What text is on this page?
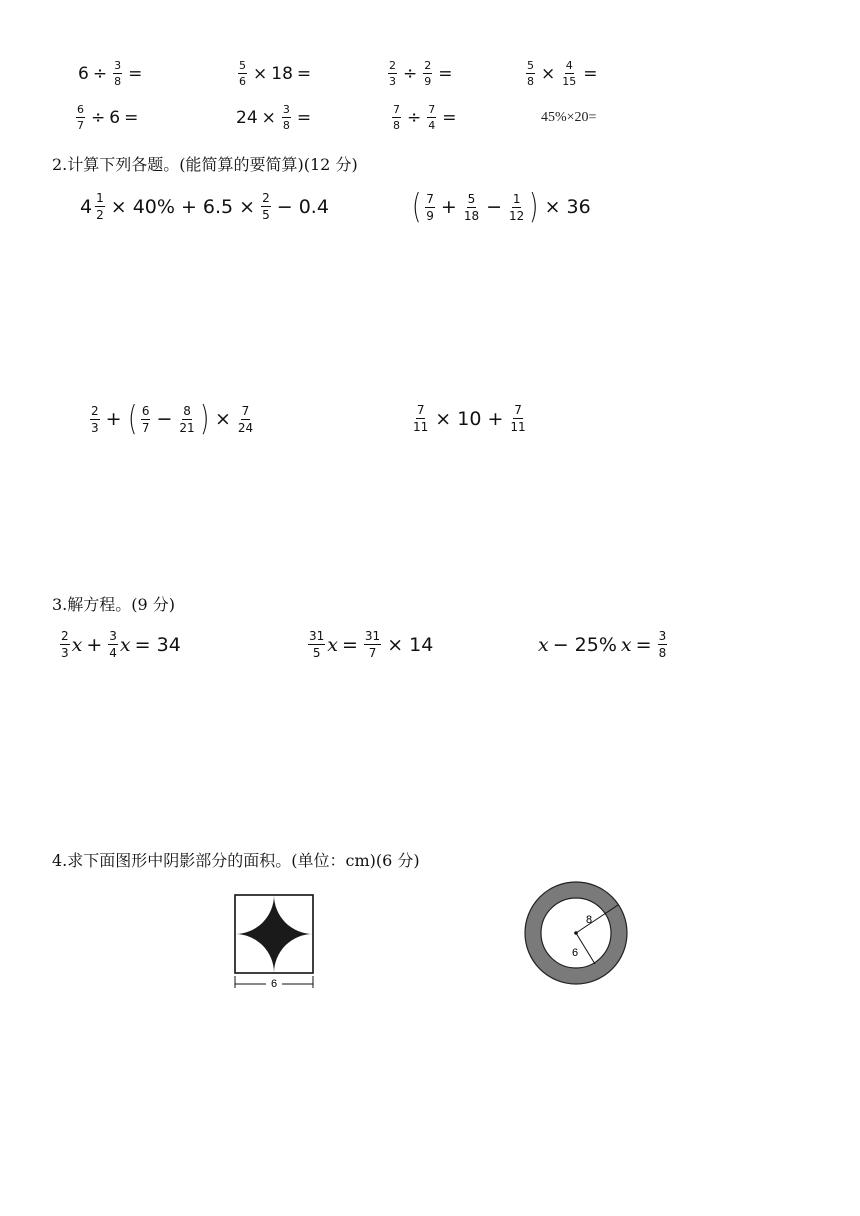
$6 \div \frac{3}{8}$ =	$\frac{5}{6} \times 18$ =	$\frac{2}{3} \div \frac{2}{9}$ =	$\frac{5}{8} \times \frac{4}{15}$ =
$\frac{6}{7} \div 6$ =	$24 \times \frac{3}{8}$ =	$\frac{7}{8} \div \frac{7}{4}$ =	45%×20=
2.计算下列各题。(能简算的要简算)(12 分)
$4 \frac{1}{2} \times 40\% + 6.5 \times \frac{2}{5} - 0.4$ ( $\frac{7}{9} + \frac{5}{18} - \frac{1}{12}$ ) × 36
$\frac{2}{3}$ + ( $\frac{6}{7} - \frac{8}{21}$ ) × $\frac{7}{24}$	$\frac{7}{11} \times 10 + \frac{7}{11}$
3.解方程。(9 分)
$\frac{2}{3}$ $x + \frac{3}{4}$ x = 34	$\frac{31}{5}$ $x = \frac{31}{7} \times 14$	x − 25% $x = \frac{3}{8}$
4.求下面图形中阴影部分的面积。(单位：cm)(6 分)
6
8
6
